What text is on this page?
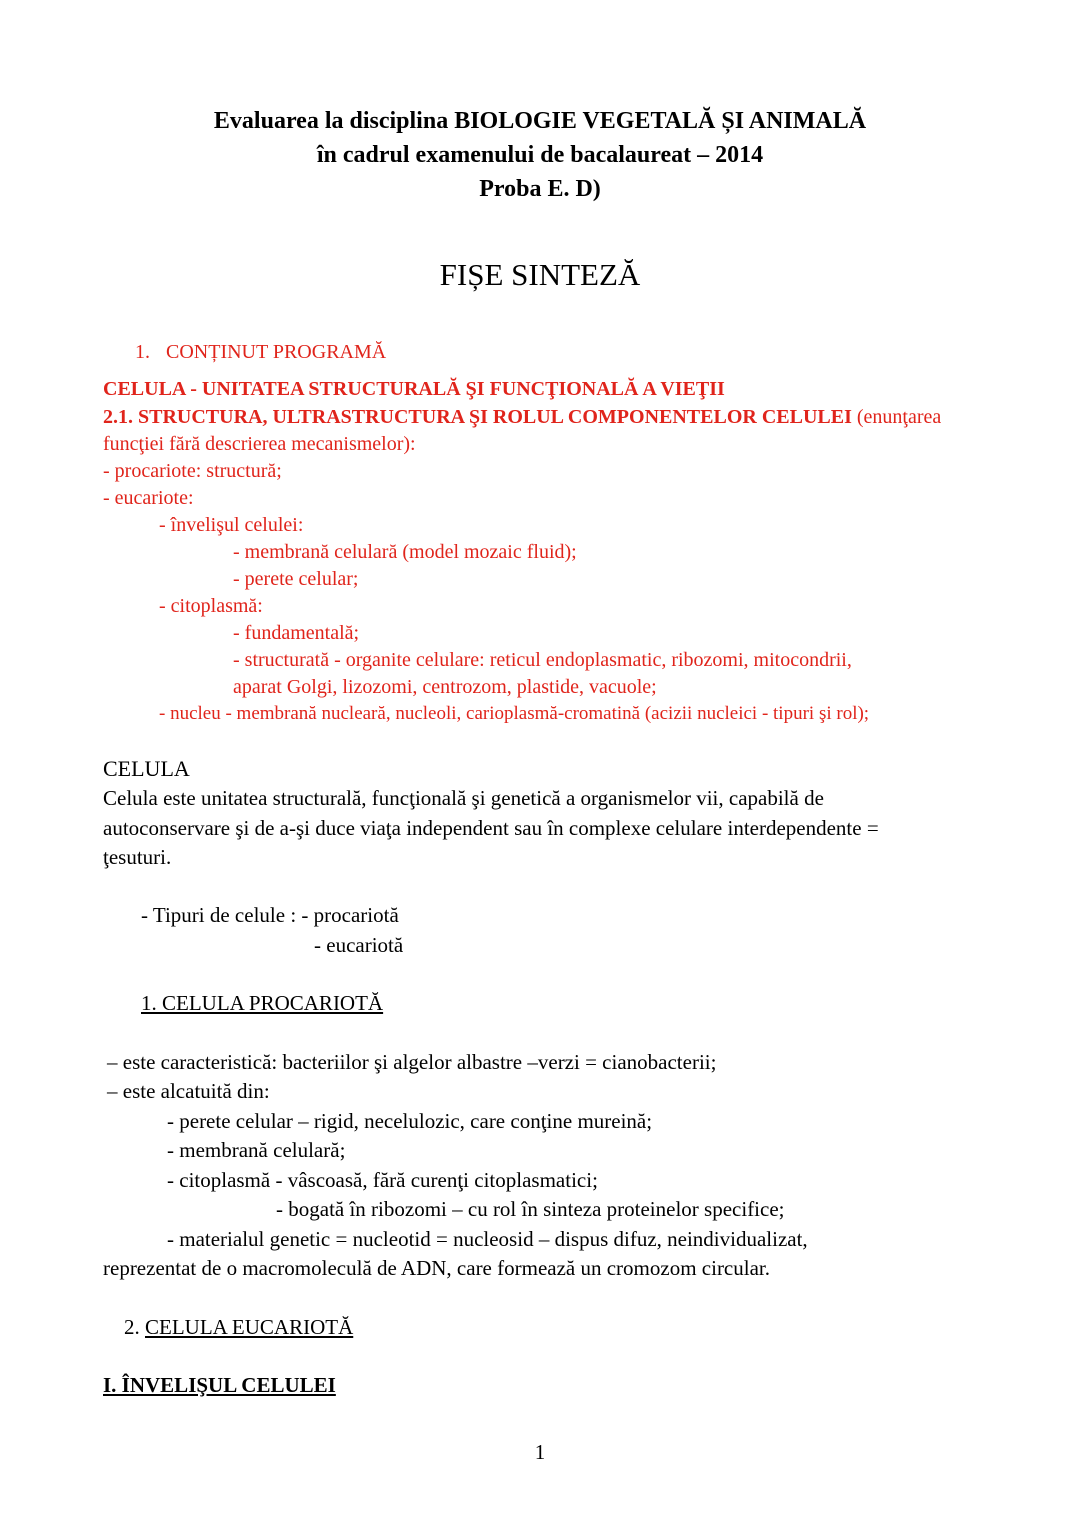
Evaluarea la disciplina BIOLOGIE VEGETALĂ ȘI ANIMALĂ
în cadrul examenului de bacalaureat – 2014
Proba E. D)
FIȘE SINTEZĂ
1. CONȚINUT PROGRAMĂ
CELULA - UNITATEA STRUCTURALĂ ŞI FUNCŢIONALĂ A VIEŢII
2.1. STRUCTURA, ULTRASTRUCTURA ŞI ROLUL COMPONENTELOR CELULEI (enunţarea
funcţiei fără descrierea mecanismelor):
- procariote: structură;
- eucariote:
- învelişul celulei:
- membrană celulară (model mozaic fluid);
- perete celular;
- citoplasmă:
- fundamentală;
- structurată - organite celulare: reticul endoplasmatic, ribozomi, mitocondrii,
aparat Golgi, lizozomi, centrozom, plastide, vacuole;
- nucleu - membrană nucleară, nucleoli, carioplasmă-cromatină (acizii nucleici - tipuri şi rol);
CELULA
Celula este unitatea structurală, funcţională şi genetică a organismelor vii, capabilă de
autoconservare şi de a-şi duce viaţa independent sau în complexe celulare interdependente =
ţesuturi.
- Tipuri de celule : - procariotă
- eucariotă
1. CELULA PROCARIOTĂ
– este caracteristică: bacteriilor şi algelor albastre –verzi = cianobacterii;
– este alcatuită din:
- perete celular – rigid, necelulozic, care conţine mureină;
- membrană celulară;
- citoplasmă - vâscoasă, fără curenţi citoplasmatici;
- bogată în ribozomi – cu rol în sinteza proteinelor specifice;
- materialul genetic = nucleotid = nucleosid – dispus difuz, neindividualizat,
reprezentat de o macromoleculă de ADN, care formează un cromozom circular.
2. CELULA EUCARIOTĂ
I. ÎNVELIŞUL CELULEI
1
